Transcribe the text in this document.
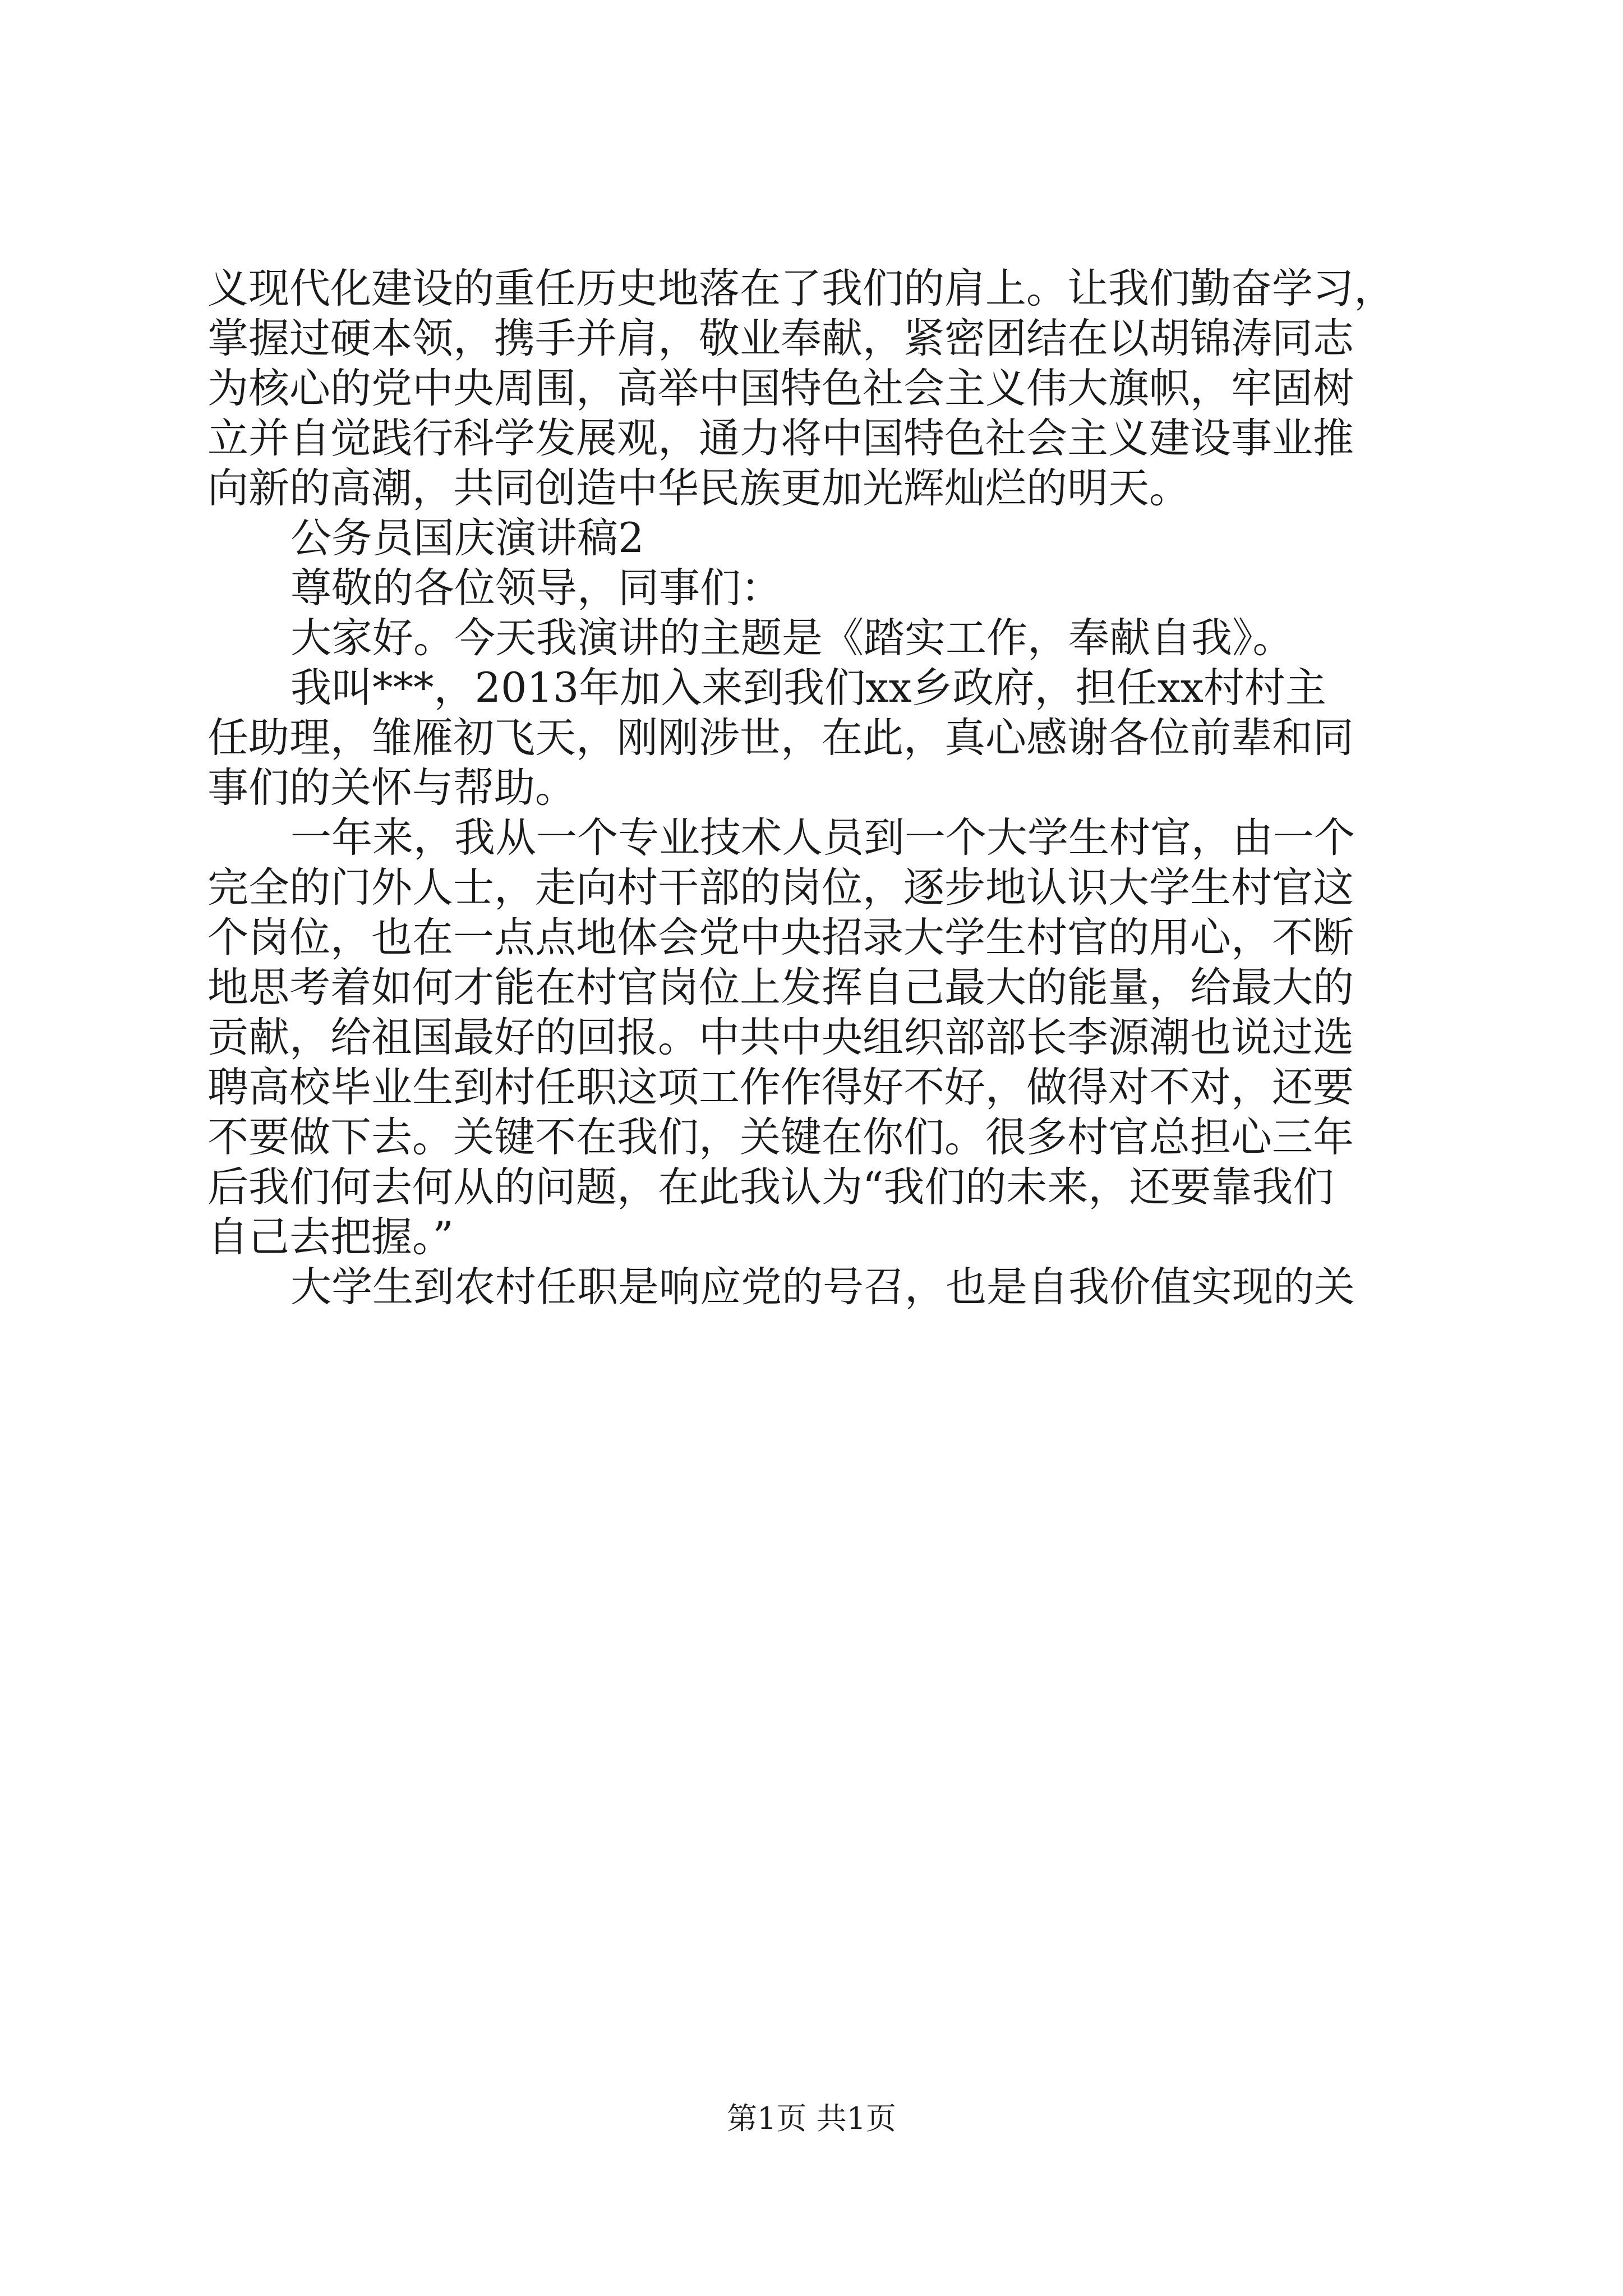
义现代化建设的重任历史地落在了我们的肩上。让我们勤奋学习，
掌握过硬本领，携手并肩，敬业奉献，紧密团结在以胡锦涛同志
为核心的党中央周围，高举中国特色社会主义伟大旗帜，牢固树
立并自觉践行科学发展观，通力将中国特色社会主义建设事业推
向新的高潮，共同创造中华民族更加光辉灿烂的明天。
公务员国庆演讲稿2
尊敬的各位领导，同事们：
大家好。今天我演讲的主题是《踏实工作，奉献自我》。
我叫***，2013年加入来到我们xx乡政府，担任xx村村主
任助理，雏雁初飞天，刚刚涉世，在此，真心感谢各位前辈和同
事们的关怀与帮助。
一年来，我从一个专业技术人员到一个大学生村官，由一个
完全的门外人士，走向村干部的岗位，逐步地认识大学生村官这
个岗位，也在一点点地体会党中央招录大学生村官的用心，不断
地思考着如何才能在村官岗位上发挥自己最大的能量，给最大的
贡献，给祖国最好的回报。中共中央组织部部长李源潮也说过选
聘高校毕业生到村任职这项工作作得好不好，做得对不对，还要
不要做下去。关键不在我们，关键在你们。很多村官总担心三年
后我们何去何从的问题，在此我认为“我们的未来，还要靠我们
自己去把握。”
大学生到农村任职是响应党的号召，也是自我价值实现的关
第1页 共1页
